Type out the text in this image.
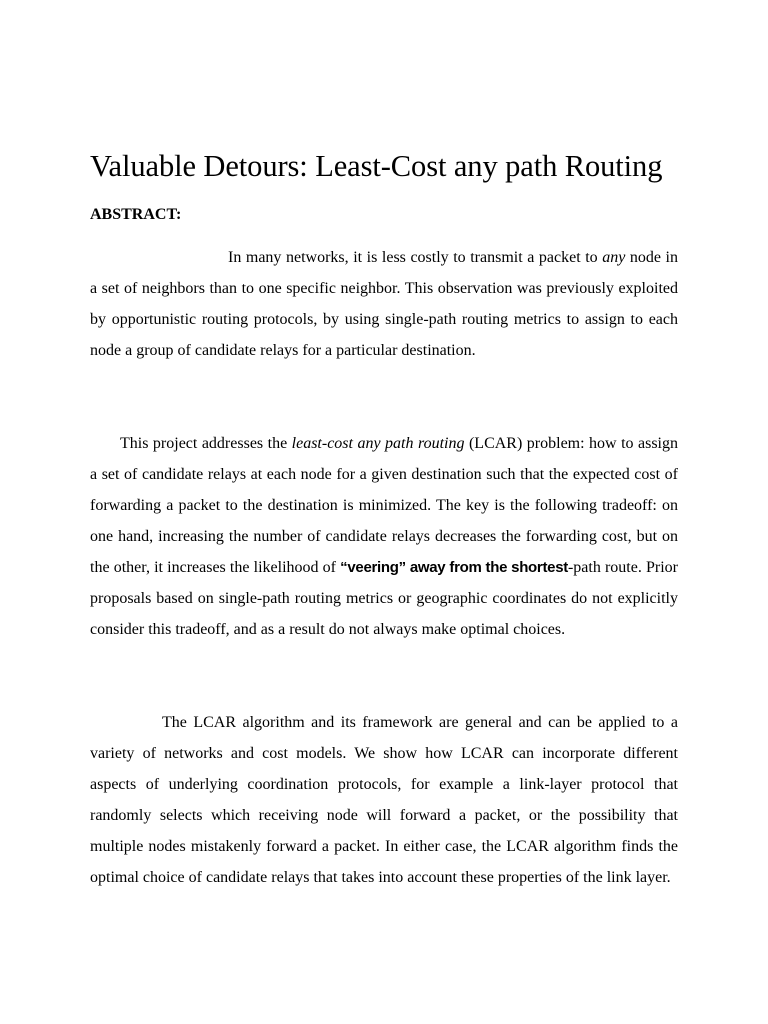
Valuable Detours: Least-Cost any path Routing
ABSTRACT:

In many networks, it is less costly to transmit a packet to any node in a set of neighbors than to one specific neighbor. This observation was previously exploited by opportunistic routing protocols, by using single-path routing metrics to assign to each node a group of candidate relays for a particular destination.

This project addresses the least-cost any path routing (LCAR) problem: how to assign a set of candidate relays at each node for a given destination such that the expected cost of forwarding a packet to the destination is minimized. The key is the following tradeoff: on one hand, increasing the number of candidate relays decreases the forwarding cost, but on the other, it increases the likelihood of “veering” away from the shortest-path route. Prior proposals based on single-path routing metrics or geographic coordinates do not explicitly consider this tradeoff, and as a result do not always make optimal choices.

The LCAR algorithm and its framework are general and can be applied to a variety of networks and cost models. We show how LCAR can incorporate different aspects of underlying coordination protocols, for example a link-layer protocol that randomly selects which receiving node will forward a packet, or the possibility that multiple nodes mistakenly forward a packet. In either case, the LCAR algorithm finds the optimal choice of candidate relays that takes into account these properties of the link layer.
